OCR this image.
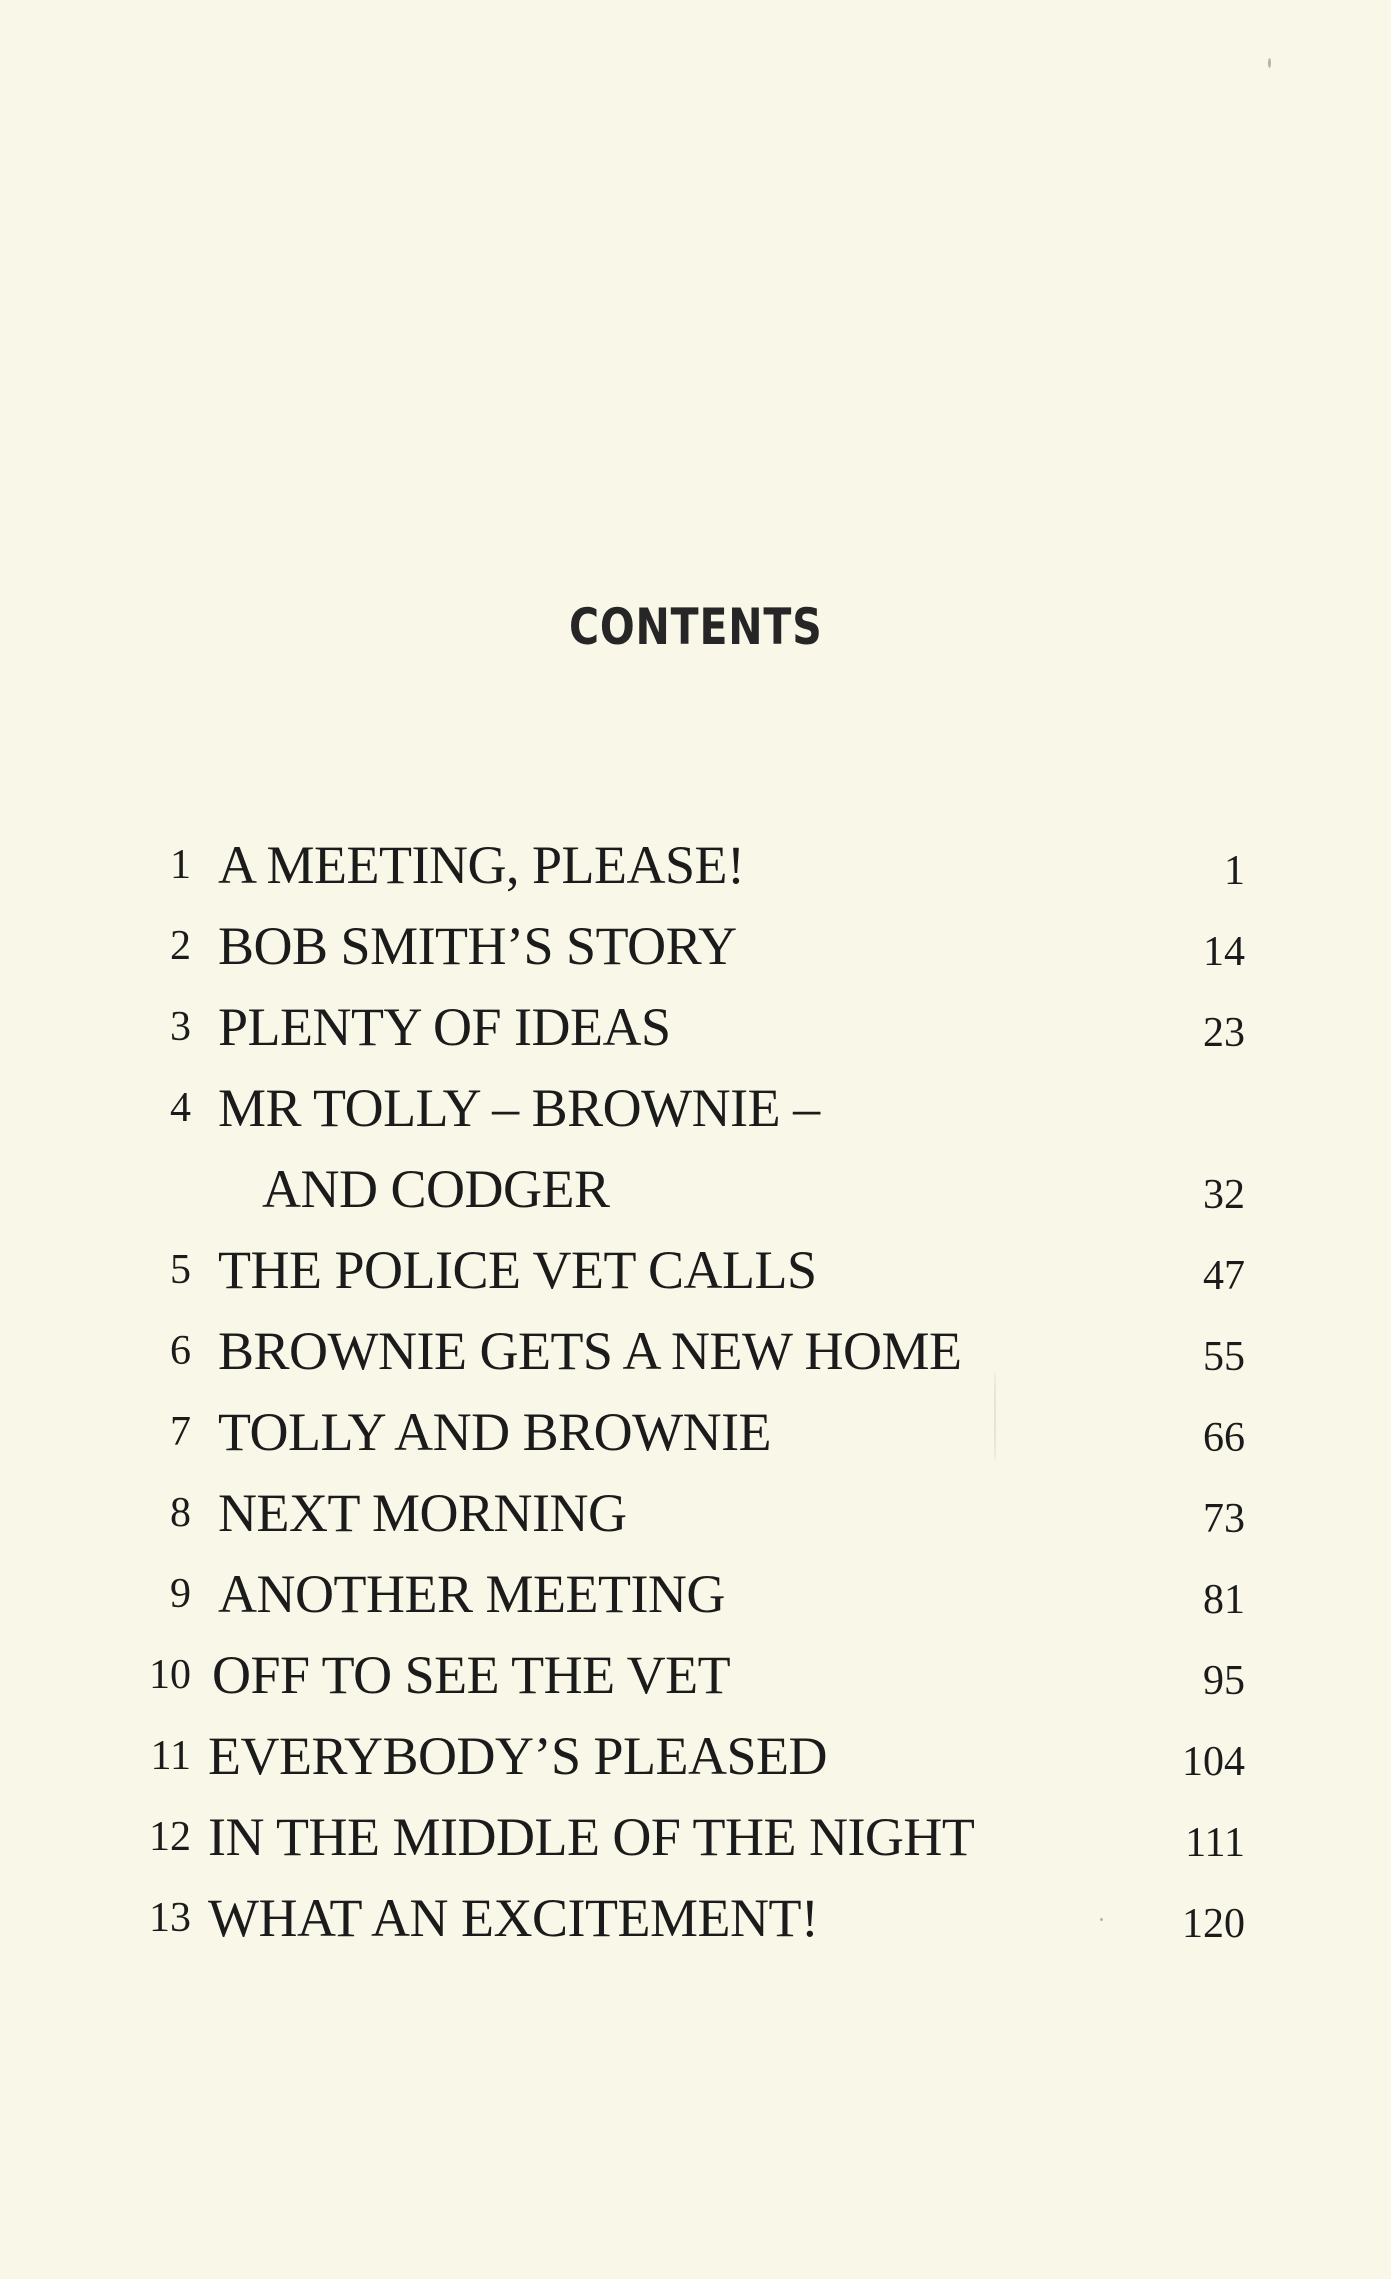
CONTENTS
1 A MEETING, PLEASE!	1
2 BOB SMITH’S STORY	14
3 PLENTY OF IDEAS	23
4 MR TOLLY – BROWNIE –
AND CODGER	32
5 THE POLICE VET CALLS	47
6 BROWNIE GETS A NEW HOME	55
7 TOLLY AND BROWNIE	66
8 NEXT MORNING	73
9 ANOTHER MEETING	81
10 OFF TO SEE THE VET	95
11 EVERYBODY’S PLEASED	104
12 IN THE MIDDLE OF THE NIGHT	111
13 WHAT AN EXCITEMENT!	120
